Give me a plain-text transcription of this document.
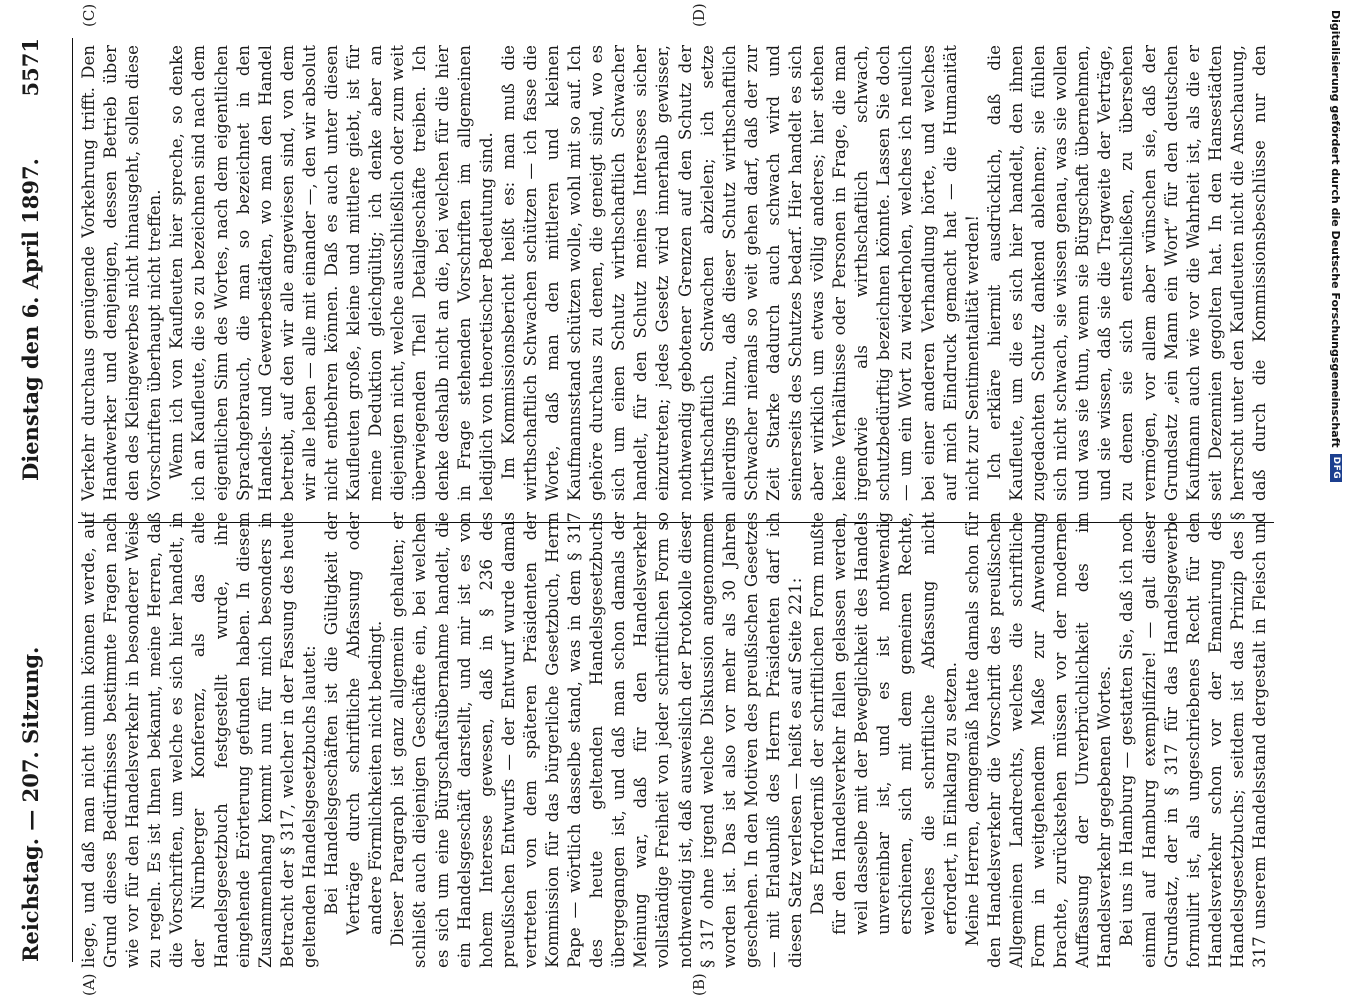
Reichstag. — 207. Sitzung.
Dienstag den 6. April 1897.
5571
(A)	(B)
(C)	(D)

liege, und daß man nicht umhin können werde, auf Grund dieses Bedürfnisses bestimmte Fragen nach wie vor für den Handelsverkehr in besonderer Weise zu regeln. Es ist Ihnen bekannt, meine Herren, daß die Vorschriften, um welche es sich hier handelt, in der Nürnberger Konferenz, als das alte Handelsgesetzbuch festgestellt wurde, ihre eingehende Erörterung gefunden haben. In diesem Zusammenhang kommt nun für mich besonders in Betracht der § 317, welcher in der Fassung des heute geltenden Handelsgesetzbuchs lautet: Bei Handelsgeschäften ist die Gültigkeit der Verträge durch schriftliche Abfassung oder andere Förmlichkeiten nicht bedingt. Dieser Paragraph ist ganz allgemein gehalten; er schließt auch diejenigen Geschäfte ein, bei welchen es sich um eine Bürgschaftsübernahme handelt, die ein Handelsgeschäft darstellt, und mir ist es von hohem Interesse gewesen, daß in § 236 des preußischen Entwurfs — der Entwurf wurde damals vertreten von dem späteren Präsidenten der Kommission für das bürgerliche Gesetzbuch, Herrn Pape — wörtlich dasselbe stand, was in dem § 317 des heute geltenden Handelsgesetzbuchs übergegangen ist, und daß man schon damals der Meinung war, daß für den Handelsverkehr vollständige Freiheit von jeder schriftlichen Form so nothwendig ist, daß ausweislich der Protokolle dieser § 317 ohne irgend welche Diskussion angenommen worden ist. Das ist also vor mehr als 30 Jahren geschehen. In den Motiven des preußischen Gesetzes — mit Erlaubniß des Herrn Präsidenten darf ich diesen Satz verlesen — heißt es auf Seite 221: Das Erforderniß der schriftlichen Form mußte für den Handelsverkehr fallen gelassen werden, weil dasselbe mit der Beweglichkeit des Handels unvereinbar ist, und es ist nothwendig erschienen, sich mit dem gemeinen Rechte, welches die schriftliche Abfassung nicht erfordert, in Einklang zu setzen. Meine Herren, demgemäß hatte damals schon für den Handelsverkehr die Vorschrift des preußischen Allgemeinen Landrechts, welches die schriftliche Form in weitgehendem Maße zur Anwendung brachte, zurückstehen müssen vor der modernen Auffassung der Unverbrüchlichkeit des im Handelsverkehr gegebenen Wortes. Bei uns in Hamburg — gestatten Sie, daß ich noch einmal auf Hamburg exemplifizire! — galt dieser Grundsatz, der in § 317 für das Handelsgewerbe formulirt ist, als ungeschriebenes Recht für den Handelsverkehr schon vor der Emanirung des Handelsgesetzbuchs; seitdem ist das Prinzip des § 317 unserem Handelsstand dergestalt in Fleisch und

Verkehr durchaus genügende Vorkehrung trifft. Den Handwerker und denjenigen, dessen Betrieb über den des Kleingewerbes nicht hinausgeht, sollen diese Vorschriften überhaupt nicht treffen. Wenn ich von Kaufleuten hier spreche, so denke ich an Kaufleute, die so zu bezeichnen sind nach dem eigentlichen Sinn des Wortes, nach dem eigentlichen Sprachgebrauch, die man so bezeichnet in den Handels- und Gewerbestädten, wo man den Handel betreibt, auf den wir alle angewiesen sind, von dem wir alle leben — alle mit einander —, den wir absolut nicht entbehren können. Daß es auch unter diesen Kaufleuten große, kleine und mittlere giebt, ist für meine Deduktion gleichgültig; ich denke aber an diejenigen nicht, welche ausschließlich oder zum weit überwiegenden Theil Detailgeschäfte treiben. Ich denke deshalb nicht an die, bei welchen für die hier in Frage stehenden Vorschriften im allgemeinen lediglich von theoretischer Bedeutung sind. Im Kommissionsbericht heißt es: man muß die wirthschaftlich Schwachen schützen — ich fasse die Worte, daß man den mittleren und kleinen Kaufmannsstand schützen wolle, wohl mit so auf. Ich gehöre durchaus zu denen, die geneigt sind, wo es sich um einen Schutz wirthschaftlich Schwacher handelt, für den Schutz meines Interesses sicher einzutreten; jedes Gesetz wird innerhalb gewisser, nothwendig gebotener Grenzen auf den Schutz der wirthschaftlich Schwachen abzielen; ich setze allerdings hinzu, daß dieser Schutz wirthschaftlich Schwacher niemals so weit gehen darf, daß der zur Zeit Starke dadurch auch schwach wird und seinerseits des Schutzes bedarf. Hier handelt es sich aber wirklich um etwas völlig anderes; hier stehen keine Verhältnisse oder Personen in Frage, die man irgendwie als wirthschaftlich schwach, schutzbedürftig bezeichnen könnte. Lassen Sie doch — um ein Wort zu wiederholen, welches ich neulich bei einer anderen Verhandlung hörte, und welches auf mich Eindruck gemacht hat — die Humanität nicht zur Sentimentalität werden! Ich erkläre hiermit ausdrücklich, daß die Kaufleute, um die es sich hier handelt, den ihnen zugedachten Schutz dankend ablehnen; sie fühlen sich nicht schwach, sie wissen genau, was sie wollen und was sie thun, wenn sie Bürgschaft übernehmen, und sie wissen, daß sie die Tragweite der Verträge, zu denen sie sich entschließen, zu übersehen vermögen, vor allem aber wünschen sie, daß der Grundsatz „ein Mann ein Wort“ für den deutschen Kaufmann auch wie vor die Wahrheit ist, als die er seit Dezennien gegolten hat. In den Hansestädten herrscht unter den Kaufleuten nicht die Anschauung, daß durch die Kommissionsbeschlüsse nur den	Digitalisierung gefördert durch die Deutsche Forschungsgemeinschaft
DFG
